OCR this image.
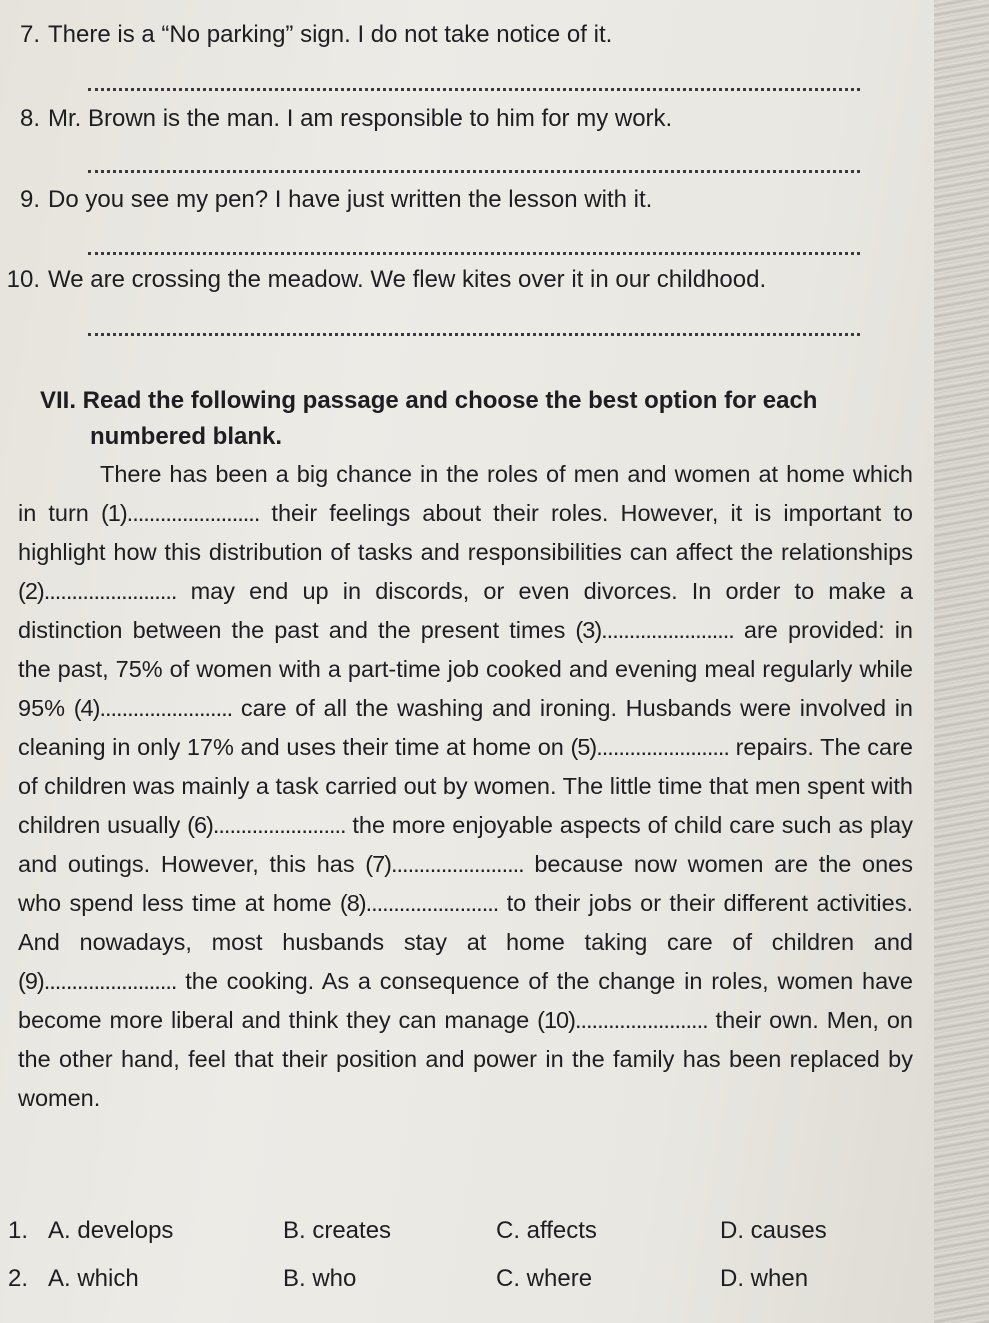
7. There is a “No parking” sign. I do not take notice of it.
8. Mr. Brown is the man. I am responsible to him for my work.
9. Do you see my pen? I have just written the lesson with it.
10. We are crossing the meadow. We flew kites over it in our childhood.
VII. Read the following passage and choose the best option for each
numbered blank.

There has been a big chance in the roles of men and women at home which in turn (1)........................ their feelings about their roles. However, it is important to highlight how this distribution of tasks and responsibilities can affect the relationships (2)........................ may end up in discords, or even divorces. In order to make a distinction between the past and the present times (3)........................ are provided: in the past, 75% of women with a part-time job cooked and evening meal regularly while 95% (4)........................ care of all the washing and ironing. Husbands were involved in cleaning in only 17% and uses their time at home on (5)........................ repairs. The care of children was mainly a task carried out by women. The little time that men spent with children usually (6)........................ the more enjoyable aspects of child care such as play and outings. However, this has (7)........................ because now women are the ones who spend less time at home (8)........................ to their jobs or their different activities. And nowadays, most husbands stay at home taking care of children and (9)........................ the cooking. As a consequence of the change in roles, women have become more liberal and think they can manage (10)........................ their own. Men, on the other hand, feel that their position and power in the family has been replaced by women.

1. A. develops	B. creates	C. affects	D. causes
2. A. which	B. who	C. where	D. when
